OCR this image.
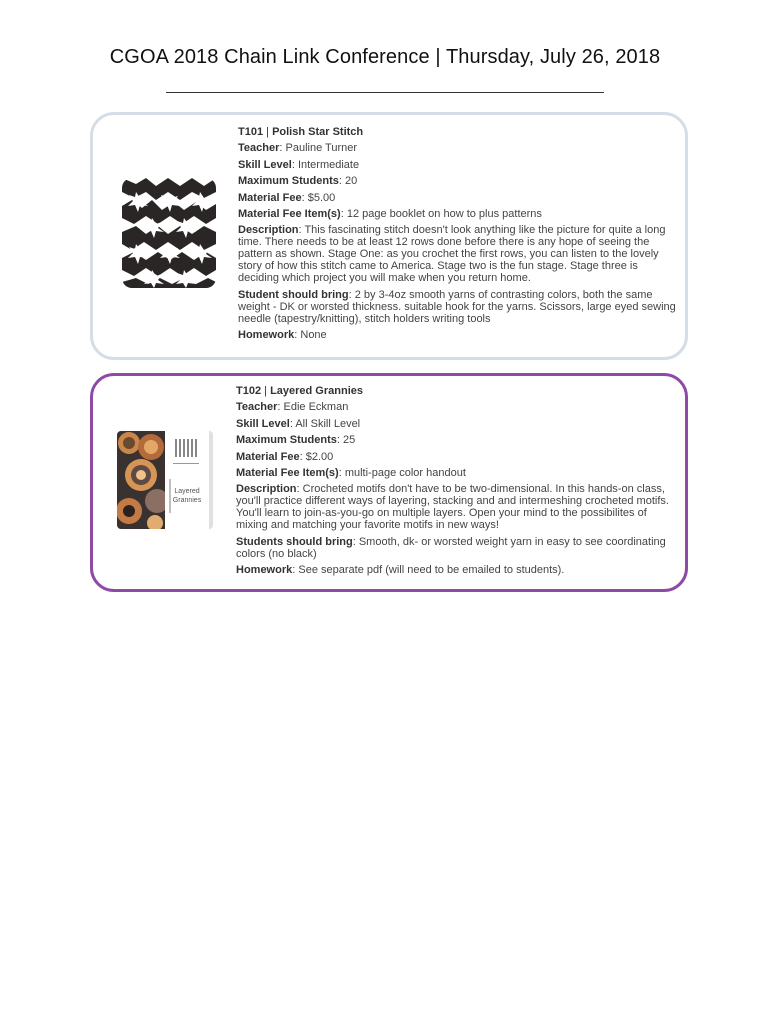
CGOA 2018 Chain Link Conference | Thursday, July 26, 2018
T101 | Polish Star Stitch
Teacher: Pauline Turner
Skill Level: Intermediate
Maximum Students: 20
Material Fee: $5.00
Material Fee Item(s): 12 page booklet on how to plus patterns
Description: This fascinating stitch doesn't look anything like the picture for quite a long time. There needs to be at least 12 rows done before there is any hope of seeing the pattern as shown. Stage One: as you crochet the first rows, you can listen to the lovely story of how this stitch came to America. Stage two is the fun stage. Stage three is deciding which project you will make when you return home.
Student should bring: 2 by 3-4oz smooth yarns of contrasting colors, both the same weight - DK or worsted thickness. suitable hook for the yarns. Scissors, large eyed sewing needle (tapestry/knitting), stitch holders writing tools
Homework: None
Layered
Grannies
T102 | Layered Grannies
Teacher: Edie Eckman
Skill Level: All Skill Level
Maximum Students: 25
Material Fee: $2.00
Material Fee Item(s): multi-page color handout
Description: Crocheted motifs don't have to be two-dimensional. In this hands-on class, you'll practice different ways of layering, stacking and and intermeshing crocheted motifs. You'll learn to join-as-you-go on multiple layers. Open your mind to the possibilites of mixing and matching your favorite motifs in new ways!
Students should bring: Smooth, dk- or worsted weight yarn in easy to see coordinating colors (no black)
Homework: See separate pdf (will need to be emailed to students).
